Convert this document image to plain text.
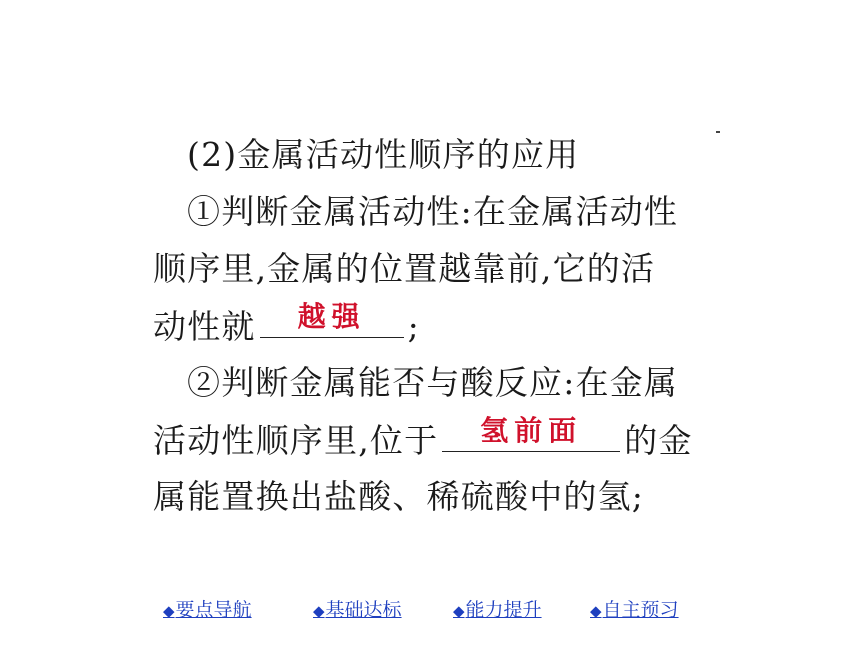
(2)金属活动性顺序的应用
①判断金属活动性:在金属活动性
顺序里,金属的位置越靠前,它的活
动性就	越强	;
②判断金属能否与酸反应:在金属
活动性顺序里,位于	氢前面	的金
属能置换出盐酸、稀硫酸中的氢;
◆要点导航	◆基础达标	◆能力提升	◆自主预习
